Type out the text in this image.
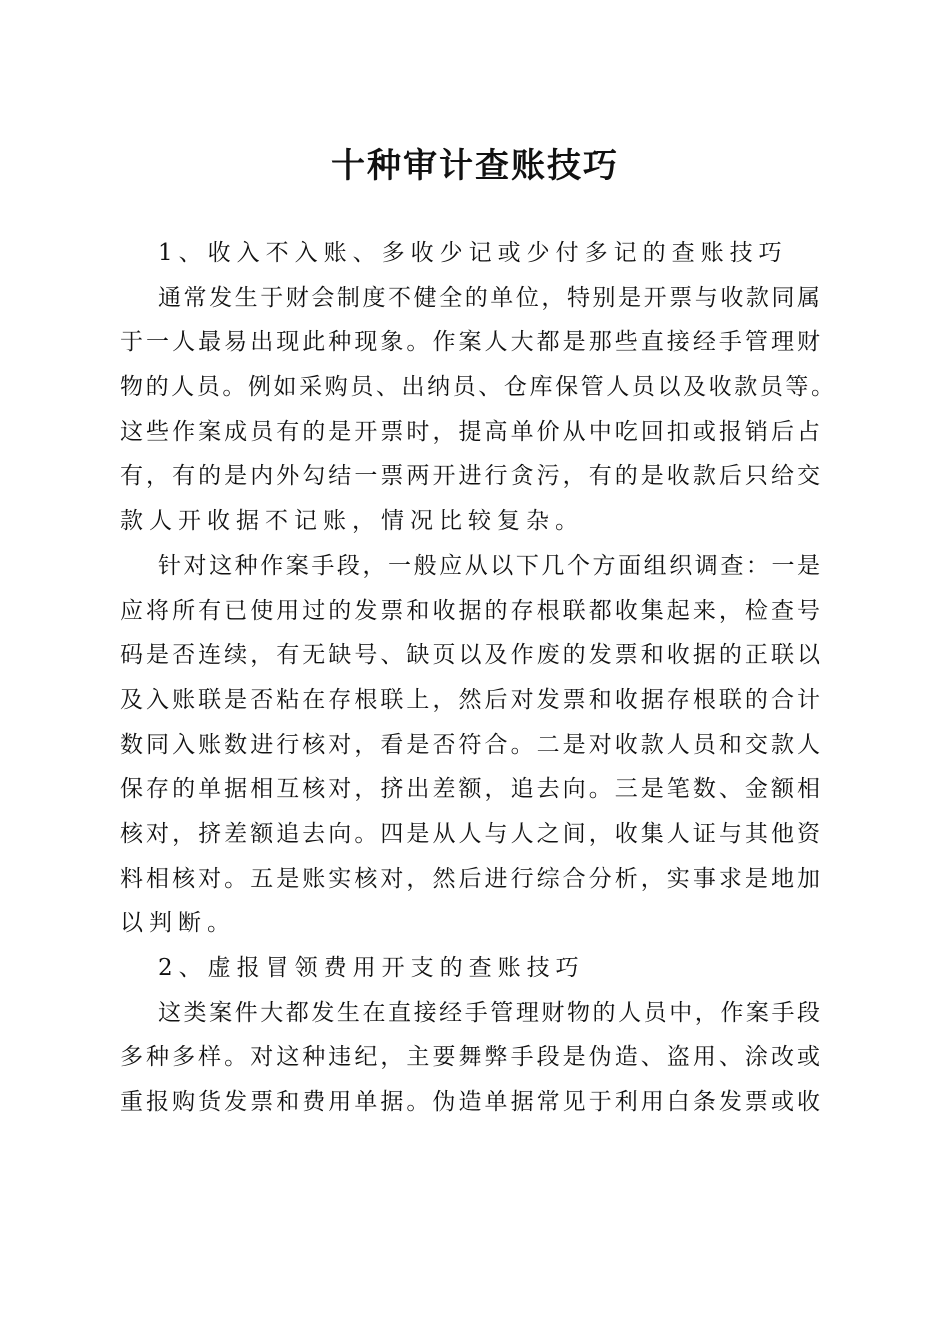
十种审计查账技巧
1、收入不入账、多收少记或少付多记的查账技巧
通常发生于财会制度不健全的单位，特别是开票与收款同属
于一人最易出现此种现象。作案人大都是那些直接经手管理财
物的人员。例如采购员、出纳员、仓库保管人员以及收款员等。
这些作案成员有的是开票时，提高单价从中吃回扣或报销后占
有，有的是内外勾结一票两开进行贪污，有的是收款后只给交
款人开收据不记账，情况比较复杂。
针对这种作案手段，一般应从以下几个方面组织调查：一是
应将所有已使用过的发票和收据的存根联都收集起来，检查号
码是否连续，有无缺号、缺页以及作废的发票和收据的正联以
及入账联是否粘在存根联上，然后对发票和收据存根联的合计
数同入账数进行核对，看是否符合。二是对收款人员和交款人
保存的单据相互核对，挤出差额，追去向。三是笔数、金额相
核对，挤差额追去向。四是从人与人之间，收集人证与其他资
料相核对。五是账实核对，然后进行综合分析，实事求是地加
以判断。
2、虚报冒领费用开支的查账技巧
这类案件大都发生在直接经手管理财物的人员中，作案手段
多种多样。对这种违纪，主要舞弊手段是伪造、盗用、涂改或
重报购货发票和费用单据。伪造单据常见于利用白条发票或收
